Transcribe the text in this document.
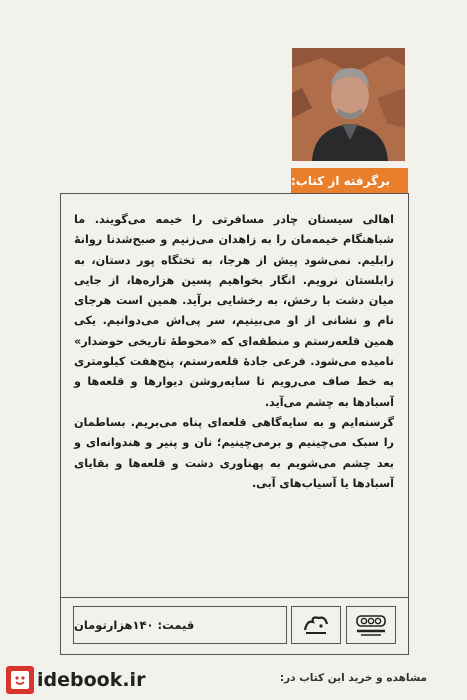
برگرفته از کتاب:

اهالی سیستان چادر مسافرتی را خیمه می‌گویند. ما شباهنگام خیمه‌مان را به زاهدان می‌زنیم و صبح‌شدنا روانهٔ زابلیم. نمی‌شود پیش از هرجا، به تختگاه پور دستان، به زابلستان نرویم. انگار بخواهیم پسین هزاره‌ها، از جایی میان دشت با رخش، به رخشایی برآید. همین است هرجای نام و نشانی از او می‌بینیم، سر پی‌اش می‌دوانیم. یکی همین قلعه‌رستم و منطقه‌ای که «محوطهٔ تاریخی حوضدار» نامیده می‌شود. فرعی جادهٔ قلعه‌رستم، پنج‌هفت کیلومتری به خط صاف می‌رویم تا سایه‌روشن دیوارها و قلعه‌ها و آسبادها به چشم می‌آید.

گرسنه‌ایم و به سایه‌گاهی قلعه‌ای پناه می‌بریم. بساطمان را سبک می‌چینیم و برمی‌چینیم؛ نان و پنیر و هندوانه‌ای و بعد چشم می‌شویم به پهناوری دشت و قلعه‌ها و بقایای آسبادها یا آسیاب‌های آبی.

قیمت: ۱۴۰هزارتومان
idebook.ir	مشاهده و خرید این کتاب در:
